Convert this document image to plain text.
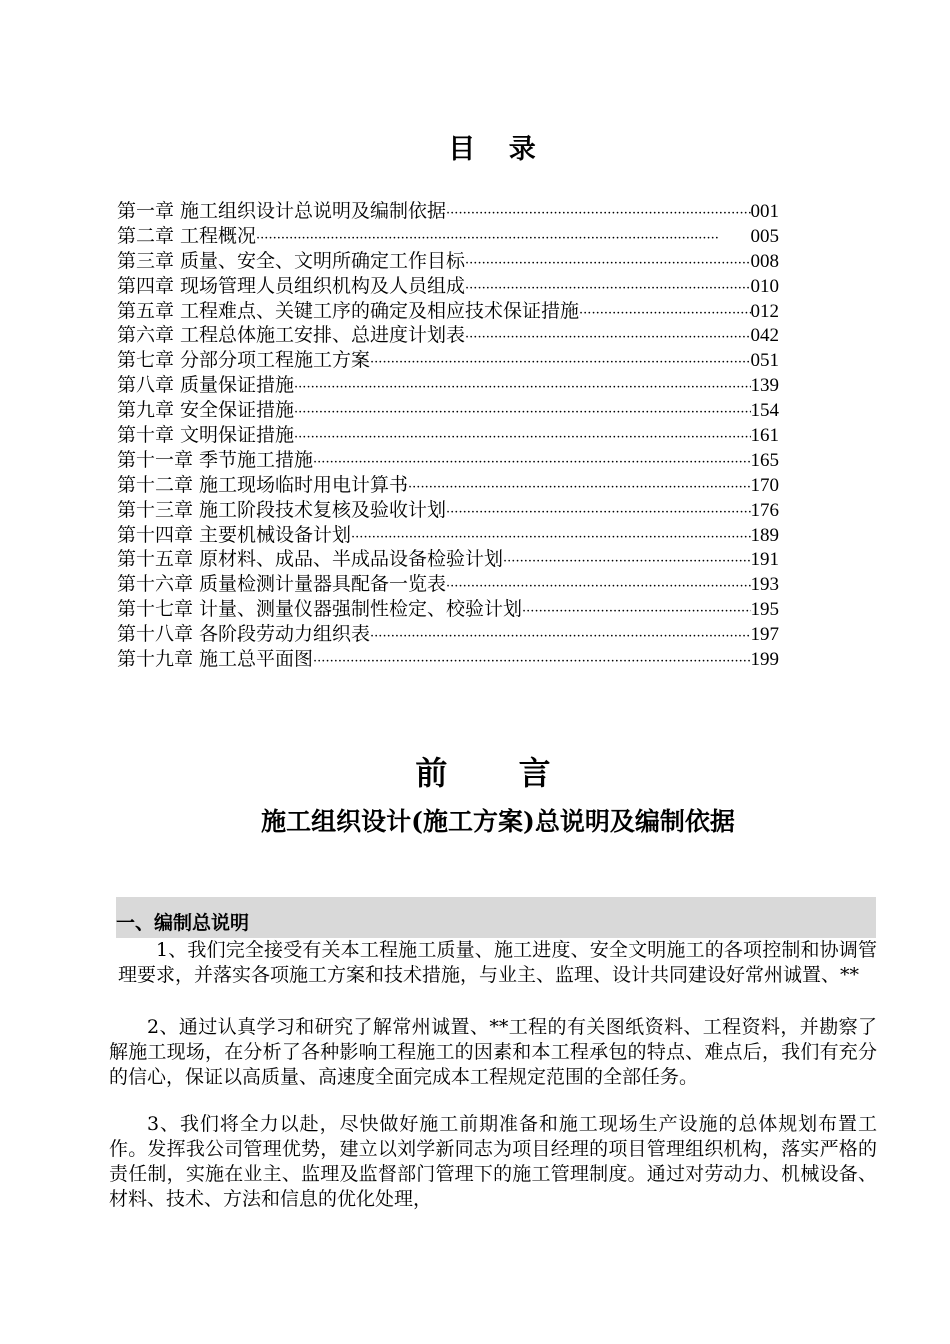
目 录
第一章 施工组织设计总说明及编制依据 ·····	001
第二章 工程概况 ·····	005
第三章 质量、安全、文明所确定工作目标 ·····	008
第四章 现场管理人员组织机构及人员组成 ·····	010
第五章 工程难点、关键工序的确定及相应技术保证措施 ·····	012
第六章 工程总体施工安排、总进度计划表 ·····	042
第七章 分部分项工程施工方案 ·····	051
第八章 质量保证措施 ·····	139
第九章 安全保证措施 ·····	154
第十章 文明保证措施 ·····	161
第十一章 季节施工措施 ·····	165
第十二章 施工现场临时用电计算书 ·····	170
第十三章 施工阶段技术复核及验收计划 ·····	176
第十四章 主要机械设备计划 ·····	189
第十五章 原材料、成品、半成品设备检验计划 ·····	191
第十六章 质量检测计量器具配备一览表 ·····	193
第十七章 计量、测量仪器强制性检定、校验计划 ·····	195
第十八章 各阶段劳动力组织表 ·····	197
第十九章 施工总平面图 ·····	199
前 言
施工组织设计(施工方案)总说明及编制依据
一、编制总说明
1、我们完全接受有关本工程施工质量、施工进度、安全文明施工的各项控制和协调管理要求，并落实各项施工方案和技术措施，与业主、监理、设计共同建设好常州诚置、**
2、通过认真学习和研究了解常州诚置、**工程的有关图纸资料、工程资料，并勘察了解施工现场，在分析了各种影响工程施工的因素和本工程承包的特点、难点后，我们有充分的信心，保证以高质量、高速度全面完成本工程规定范围的全部任务。
3、我们将全力以赴，尽快做好施工前期准备和施工现场生产设施的总体规划布置工作。发挥我公司管理优势，建立以刘学新同志为项目经理的项目管理组织机构，落实严格的责任制，实施在业主、监理及监督部门管理下的施工管理制度。通过对劳动力、机械设备、材料、技术、方法和信息的优化处理，
